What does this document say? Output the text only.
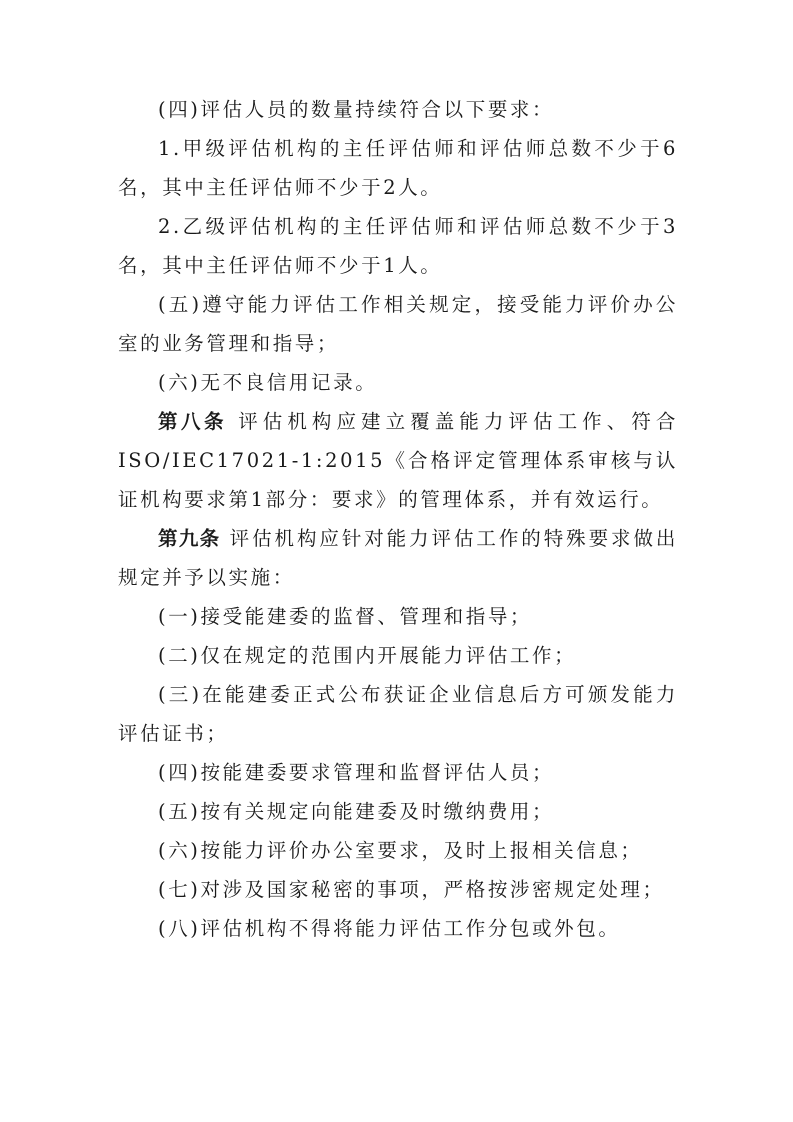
(四)评估人员的数量持续符合以下要求：

1.甲级评估机构的主任评估师和评估师总数不少于6名，其中主任评估师不少于2人。

2.乙级评估机构的主任评估师和评估师总数不少于3名，其中主任评估师不少于1人。

(五)遵守能力评估工作相关规定，接受能力评价办公室的业务管理和指导；

(六)无不良信用记录。

第八条 评估机构应建立覆盖能力评估工作、符合ISO/IEC17021-1:2015《合格评定管理体系审核与认证机构要求第1部分：要求》的管理体系，并有效运行。

第九条 评估机构应针对能力评估工作的特殊要求做出规定并予以实施：

(一)接受能建委的监督、管理和指导；

(二)仅在规定的范围内开展能力评估工作；

(三)在能建委正式公布获证企业信息后方可颁发能力评估证书；

(四)按能建委要求管理和监督评估人员；

(五)按有关规定向能建委及时缴纳费用；

(六)按能力评价办公室要求，及时上报相关信息；

(七)对涉及国家秘密的事项，严格按涉密规定处理；

(八)评估机构不得将能力评估工作分包或外包。
